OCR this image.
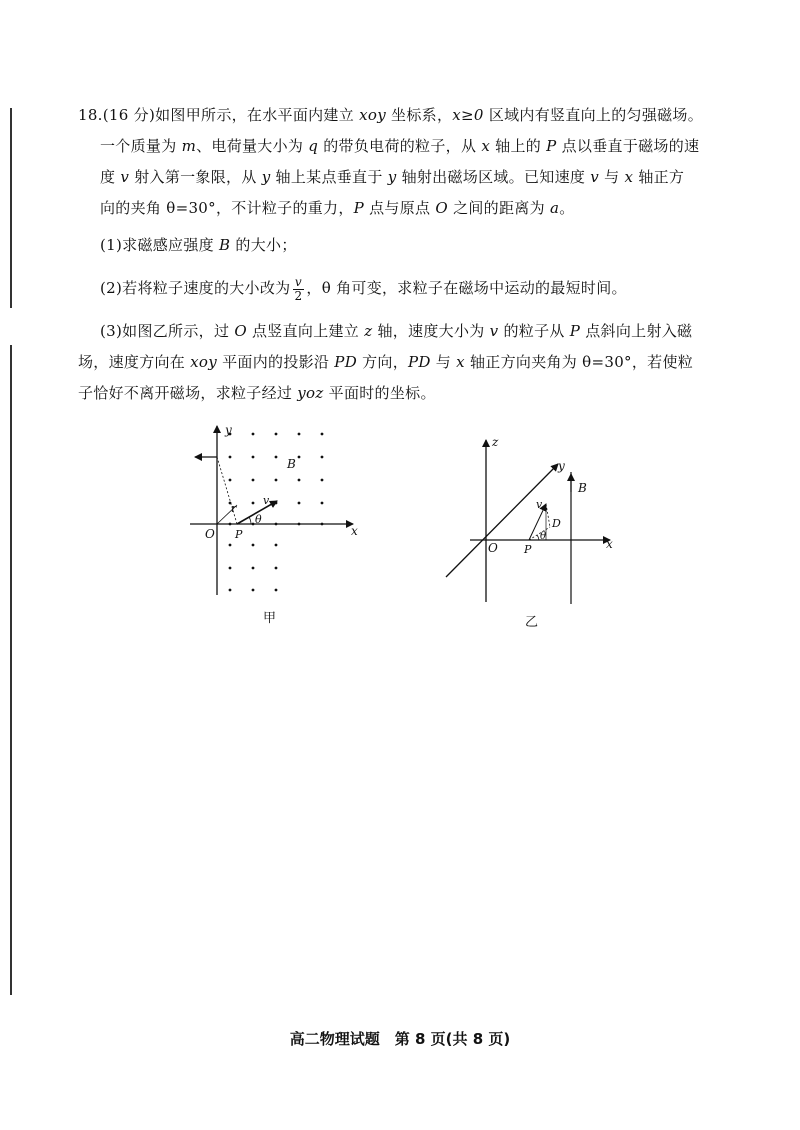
18.(16 分)如图甲所示，在水平面内建立 xoy 坐标系，x≥0 区域内有竖直向上的匀强磁场。
一个质量为 m、电荷量大小为 q 的带负电荷的粒子，从 x 轴上的 P 点以垂直于磁场的速
度 v 射入第一象限，从 y 轴上某点垂直于 y 轴射出磁场区域。已知速度 v 与 x 轴正方
向的夹角 θ=30°，不计粒子的重力，P 点与原点 O 之间的距离为 a。

(1)求磁感应强度 B 的大小；

(2)若将粒子速度的大小改为 $\frac{v}{2}$ ，θ 角可变，求粒子在磁场中运动的最短时间。

(3)如图乙所示，过 O 点竖直向上建立 z 轴，速度大小为 v 的粒子从 P 点斜向上射入磁
场，速度方向在 xoy 平面内的投影沿 PD 方向，PD 与 x 轴正方向夹角为 θ=30°，若使粒
子恰好不离开磁场，求粒子经过 yoz 平面时的坐标。

y
x
O
B
r
v
θ
P
甲
z
y
x
O
B
v
D
θ
P
乙
高二物理试题　第 8 页(共 8 页)
